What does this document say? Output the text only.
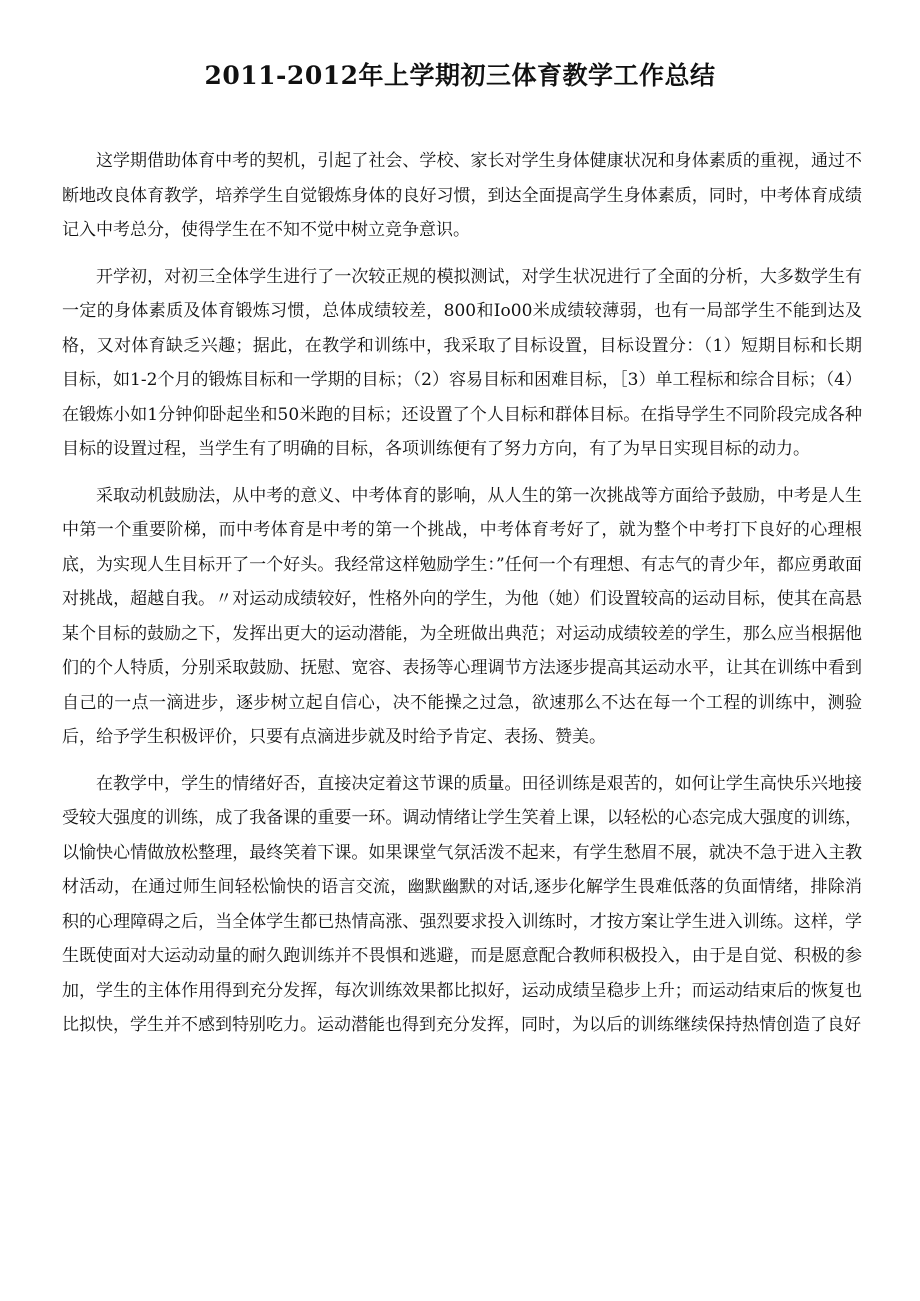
2011-2012年上学期初三体育教学工作总结

这学期借助体育中考的契机，引起了社会、学校、家长对学生身体健康状况和身体素质的重视，通过不断地改良体育教学，培养学生自觉锻炼身体的良好习惯，到达全面提高学生身体素质，同时，中考体育成绩记入中考总分，使得学生在不知不觉中树立竞争意识。

开学初，对初三全体学生进行了一次较正规的模拟测试，对学生状况进行了全面的分析，大多数学生有一定的身体素质及体育锻炼习惯，总体成绩较差，800和Io00米成绩较薄弱，也有一局部学生不能到达及格，又对体育缺乏兴趣；据此，在教学和训练中，我采取了目标设置，目标设置分：（1）短期目标和长期目标，如1-2个月的锻炼目标和一学期的目标；（2）容易目标和困难目标，［3）单工程标和综合目标；（4）在锻炼小如1分钟仰卧起坐和50米跑的目标；还设置了个人目标和群体目标。在指导学生不同阶段完成各种目标的设置过程，当学生有了明确的目标，各项训练便有了努力方向，有了为早日实现目标的动力。

采取动机鼓励法，从中考的意义、中考体育的影响，从人生的第一次挑战等方面给予鼓励，中考是人生中第一个重要阶梯，而中考体育是中考的第一个挑战，中考体育考好了，就为整个中考打下良好的心理根底，为实现人生目标开了一个好头。我经常这样勉励学生：”任何一个有理想、有志气的青少年，都应勇敢面对挑战，超越自我。〃对运动成绩较好，性格外向的学生，为他（她）们设置较高的运动目标，使其在高悬某个目标的鼓励之下，发挥出更大的运动潜能，为全班做出典范；对运动成绩较差的学生，那么应当根据他们的个人特质，分别采取鼓励、抚慰、宽容、表扬等心理调节方法逐步提高其运动水平，让其在训练中看到自己的一点一滴进步，逐步树立起自信心，决不能操之过急，欲速那么不达在每一个工程的训练中，测验后，给予学生积极评价，只要有点滴进步就及时给予肯定、表扬、赞美。

在教学中，学生的情绪好否，直接决定着这节课的质量。田径训练是艰苦的，如何让学生高快乐兴地接受较大强度的训练，成了我备课的重要一环。调动情绪让学生笑着上课，以轻松的心态完成大强度的训练，以愉快心情做放松整理，最终笑着下课。如果课堂气氛活泼不起来，有学生愁眉不展，就决不急于进入主教材活动，在通过师生间轻松愉快的语言交流，幽默幽默的对话,逐步化解学生畏难低落的负面情绪，排除消积的心理障碍之后，当全体学生都已热情高涨、强烈要求投入训练时，才按方案让学生进入训练。这样，学生既使面对大运动动量的耐久跑训练并不畏惧和逃避，而是愿意配合教师积极投入，由于是自觉、积极的参加，学生的主体作用得到充分发挥，每次训练效果都比拟好，运动成绩呈稳步上升；而运动结束后的恢复也比拟快，学生并不感到特别吃力。运动潜能也得到充分发挥，同时，为以后的训练继续保持热情创造了良好
